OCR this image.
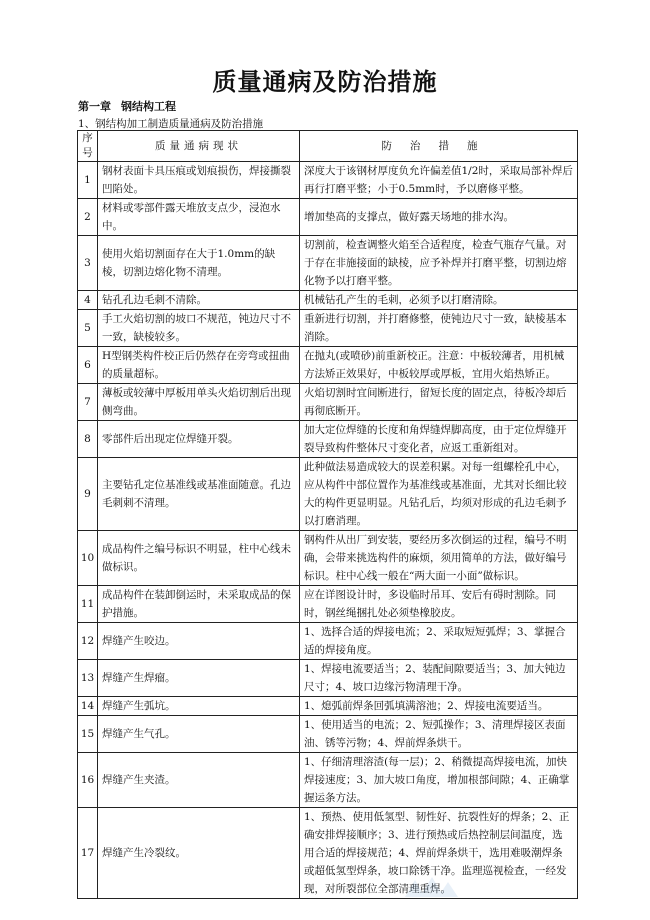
质量通病及防治措施
第一章 钢结构工程
1、钢结构加工制造质量通病及防治措施
序号	质量通病现状	防治措施
1	钢材表面卡具压痕或划痕损伤，焊接撕裂凹陷处。	深度大于该钢材厚度负允许偏差值1/2时，采取局部补焊后再行打磨平整；小于0.5mm时，予以磨修平整。
2	材料或零部件露天堆放支点少，浸泡水中。	增加垫高的支撑点，做好露天场地的排水沟。
3	使用火焰切割面存在大于1.0mm的缺棱，切割边熔化物不清理。	切割前，检查调整火焰至合适程度，检查气瓶存气量。对于存在非施接面的缺棱，应予补焊并打磨平整，切割边熔化物予以打磨平整。
4	钻孔孔边毛刺不清除。	机械钻孔产生的毛刺，必须予以打磨清除。
5	手工火焰切割的坡口不规范，钝边尺寸不一致，缺棱较多。	重新进行切割，并打磨修整，使钝边尺寸一致，缺棱基本消除。
6	H型钢类构件校正后仍然存在旁弯或扭曲的质量超标。	在抛丸(或喷砂)前重新校正。注意：中板较薄者，用机械方法矫正效果好，中板较厚或厚板，宜用火焰热矫正。
7	薄板或较薄中厚板用单头火焰切割后出现侧弯曲。	火焰切割时宜间断进行，留短长度的固定点，待板冷却后再彻底断开。
8	零部件后出现定位焊缝开裂。	加大定位焊缝的长度和角焊缝焊脚高度，由于定位焊缝开裂导致构件整体尺寸变化者，应返工重新组对。
9	主要钻孔定位基准线或基准面随意。孔边毛刺刺不清理。	此种做法易造成较大的误差积累。对每一组螺栓孔中心，应从构件中部位置作为基准线或基准面，尤其对长细比较大的构件更显明显。凡钻孔后，均须对形成的孔边毛刺予以打磨消理。
10	成品构件之编号标识不明显，柱中心线未做标识。	钢构件从出厂到安装，要经历多次倒运的过程，编号不明确，会带来挑选构件的麻烦，须用简单的方法，做好编号标识。柱中心线一般在“两大面一小面”做标识。
11	成品构件在装卸倒运时，未采取成品的保护措施。	应在详图设计时，多设临时吊耳、安后有碍时割除。同时，钢丝绳捆扎处必须垫橡胶皮。
12	焊缝产生咬边。	1、选择合适的焊接电流；2、采取短短弧焊；3、掌握合适的焊接角度。
13	焊缝产生焊瘤。	1、焊接电流要适当；2、装配间隙要适当；3、加大钝边尺寸；4、坡口边缘污物清理干净。
14	焊缝产生弧坑。	1、熄弧前焊条回弧填满溶池；2、焊接电流要适当。
15	焊缝产生气孔。	1、使用适当的电流；2、短弧操作；3、清理焊接区表面油、锈等污物；4、焊前焊条烘干。
16	焊缝产生夹渣。	1、仔细清理溶渣(每一层)；2、稍微提高焊接电流，加快焊接速度；3、加大坡口角度，增加根部间隙；4、正确掌握运条方法。
17	焊缝产生冷裂纹。	1、预热、使用低氢型、韧性好、抗裂性好的焊条；2、正确安排焊接顺序；3、进行预热或后热控制层间温度，选用合适的焊接规范；4、焊前焊条烘干，选用难吸潮焊条或超低氢型焊条，坡口除锈干净。监理巡视检查，一经发现，对所裂部位全部清理重焊。
